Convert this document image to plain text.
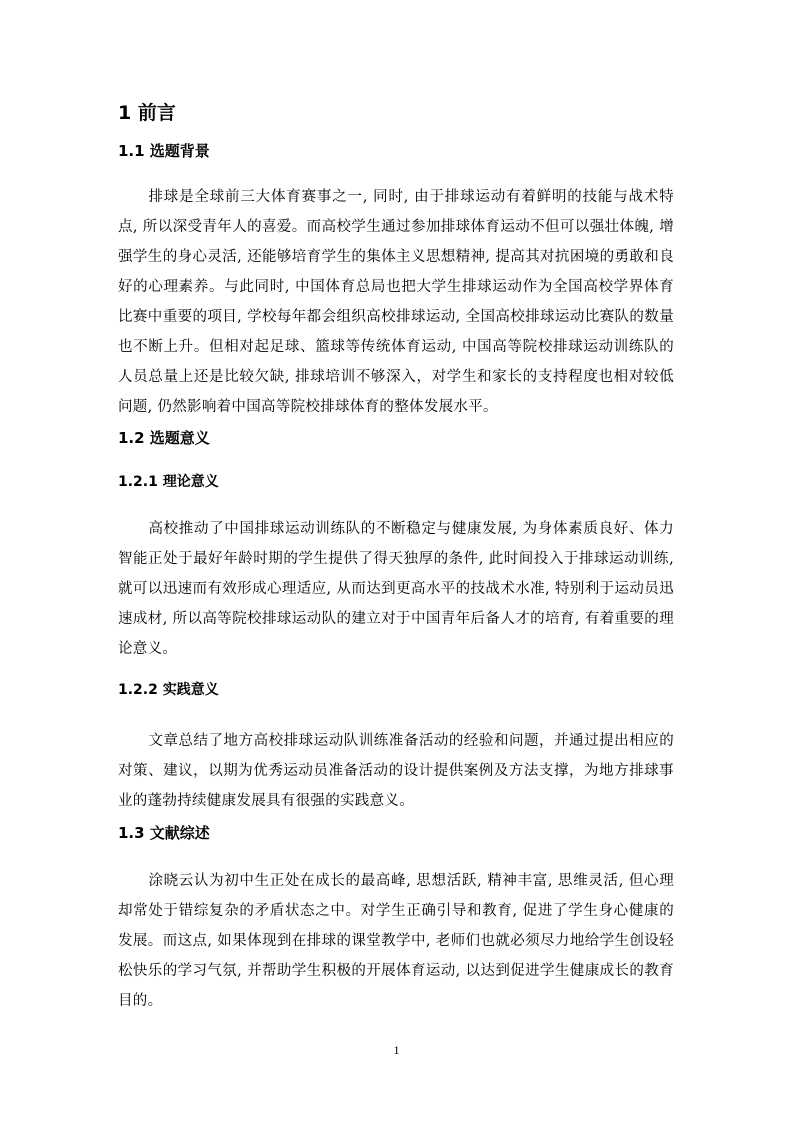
1 前言
1.1 选题背景

排球是全球前三大体育赛事之一, 同时, 由于排球运动有着鲜明的技能与战术特点, 所以深受青年人的喜爱。而高校学生通过参加排球体育运动不但可以强壮体魄, 增强学生的身心灵活, 还能够培育学生的集体主义思想精神, 提高其对抗困境的勇敢和良好的心理素养。与此同时, 中国体育总局也把大学生排球运动作为全国高校学界体育比赛中重要的项目, 学校每年都会组织高校排球运动, 全国高校排球运动比赛队的数量也不断上升。但相对起足球、篮球等传统体育运动, 中国高等院校排球运动训练队的人员总量上还是比较欠缺, 排球培训不够深入，对学生和家长的支持程度也相对较低问题, 仍然影响着中国高等院校排球体育的整体发展水平。

1.2 选题意义
1.2.1 理论意义

高校推动了中国排球运动训练队的不断稳定与健康发展, 为身体素质良好、体力智能正处于最好年龄时期的学生提供了得天独厚的条件, 此时间投入于排球运动训练, 就可以迅速而有效形成心理适应, 从而达到更高水平的技战术水准, 特别利于运动员迅速成材, 所以高等院校排球运动队的建立对于中国青年后备人才的培育, 有着重要的理论意义。

1.2.2 实践意义

文章总结了地方高校排球运动队训练准备活动的经验和问题，并通过提出相应的对策、建议，以期为优秀运动员准备活动的设计提供案例及方法支撑，为地方排球事业的蓬勃持续健康发展具有很强的实践意义。

1.3 文献综述

涂晓云认为初中生正处在成长的最高峰, 思想活跃, 精神丰富, 思维灵活, 但心理却常处于错综复杂的矛盾状态之中。对学生正确引导和教育, 促进了学生身心健康的发展。而这点, 如果体现到在排球的课堂教学中, 老师们也就必须尽力地给学生创设轻松快乐的学习气氛, 并帮助学生积极的开展体育运动, 以达到促进学生健康成长的教育目的。

1
